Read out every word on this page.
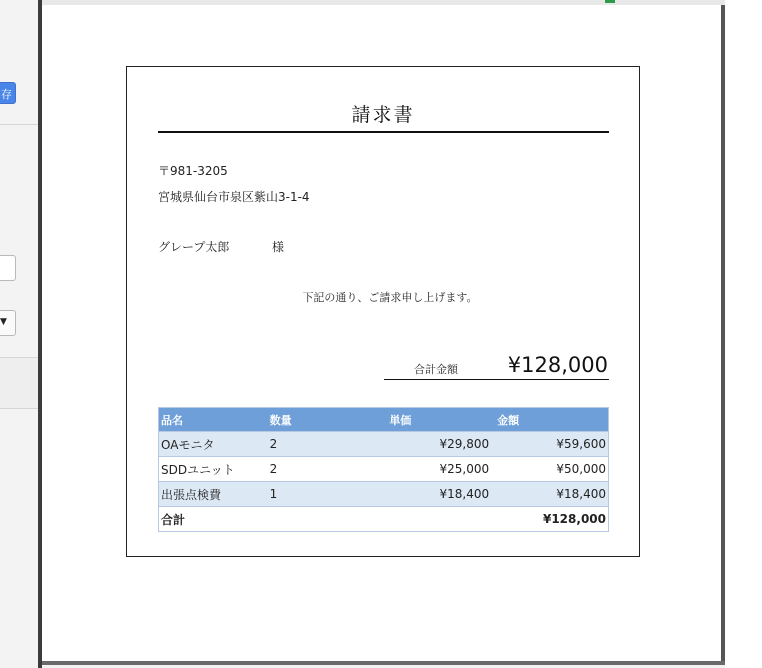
存
▼
請求書
〒981-3205
宮城県仙台市泉区紫山3-1-4
グレープ太郎	様
下記の通り、ご請求申し上げます。
合計金額 ¥128,000
品名	数量	単価	金額
OAモニタ	2	¥29,800	¥59,600
SDDユニット	2	¥25,000	¥50,000
出張点検費	1	¥18,400	¥18,400
合計			¥128,000
